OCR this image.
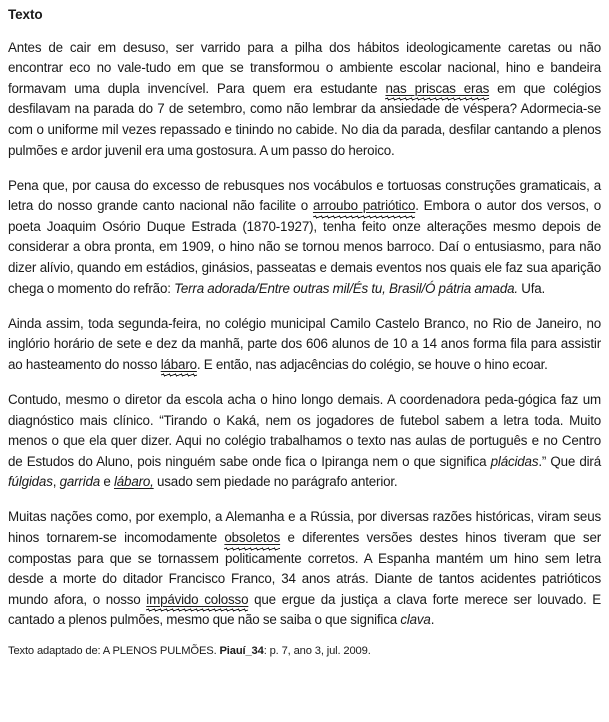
Texto

Antes de cair em desuso, ser varrido para a pilha dos hábitos ideologicamente caretas ou não encontrar eco no vale-tudo em que se transformou o ambiente escolar nacional, hino e bandeira formavam uma dupla invencível. Para quem era estudante nas priscas eras em que colégios desfilavam na parada do 7 de setembro, como não lembrar da ansiedade de véspera? Adormecia-se com o uniforme mil vezes repassado e tinindo no cabide. No dia da parada, desfilar cantando a plenos pulmões e ardor juvenil era uma gostosura. A um passo do heroico.

Pena que, por causa do excesso de rebusques nos vocábulos e tortuosas construções gramaticais, a letra do nosso grande canto nacional não facilite o arroubo patriótico. Embora o autor dos versos, o poeta Joaquim Osório Duque Estrada (1870-1927), tenha feito onze alterações mesmo depois de considerar a obra pronta, em 1909, o hino não se tornou menos barroco. Daí o entusiasmo, para não dizer alívio, quando em estádios, ginásios, passeatas e demais eventos nos quais ele faz sua aparição chega o momento do refrão: Terra adorada/Entre outras mil/És tu, Brasil/Ó pátria amada. Ufa.

Ainda assim, toda segunda-feira, no colégio municipal Camilo Castelo Branco, no Rio de Janeiro, no inglório horário de sete e dez da manhã, parte dos 606 alunos de 10 a 14 anos forma fila para assistir ao hasteamento do nosso lábaro. E então, nas adjacências do colégio, se houve o hino ecoar.

Contudo, mesmo o diretor da escola acha o hino longo demais. A coordenadora peda-gógica faz um diagnóstico mais clínico. “Tirando o Kaká, nem os jogadores de futebol sabem a letra toda. Muito menos o que ela quer dizer. Aqui no colégio trabalhamos o texto nas aulas de português e no Centro de Estudos do Aluno, pois ninguém sabe onde fica o Ipiranga nem o que significa plácidas.” Que dirá fúlgidas, garrida e lábaro, usado sem piedade no parágrafo anterior.

Muitas nações como, por exemplo, a Alemanha e a Rússia, por diversas razões históricas, viram seus hinos tornarem-se incomodamente obsoletos e diferentes versões destes hinos tiveram que ser compostas para que se tornassem politicamente corretos. A Espanha mantém um hino sem letra desde a morte do ditador Francisco Franco, 34 anos atrás. Diante de tantos acidentes patrióticos mundo afora, o nosso impávido colosso que ergue da justiça a clava forte merece ser louvado. E cantado a plenos pulmões, mesmo que não se saiba o que significa clava.

Texto adaptado de: A PLENOS PULMÕES. Piauí_34: p. 7, ano 3, jul. 2009.
